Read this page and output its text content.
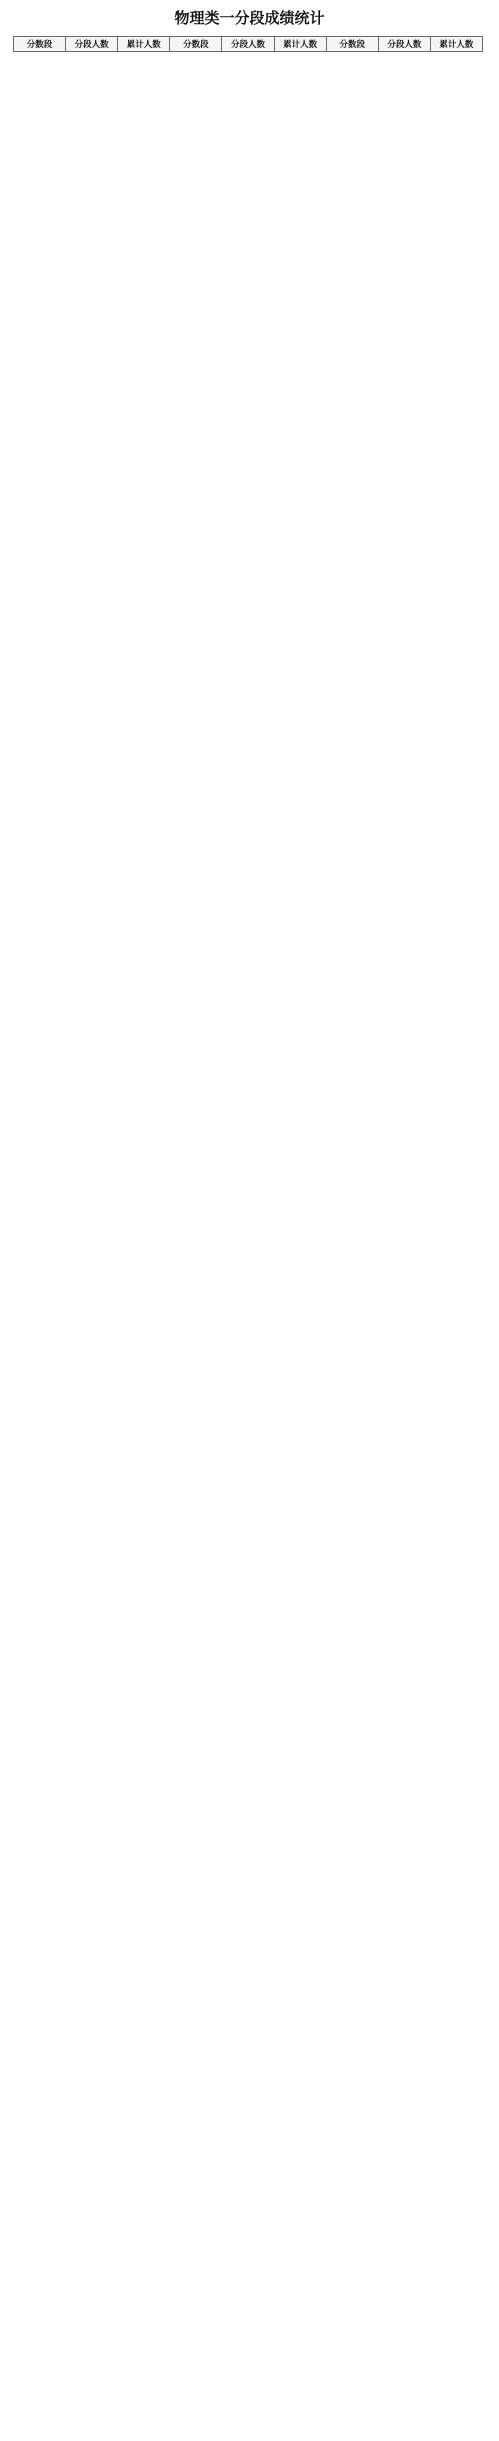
物理类一分段成绩统计
分数段	分段人数	累计人数	分数段	分段人数	累计人数	分数段	分段人数	累计人数
